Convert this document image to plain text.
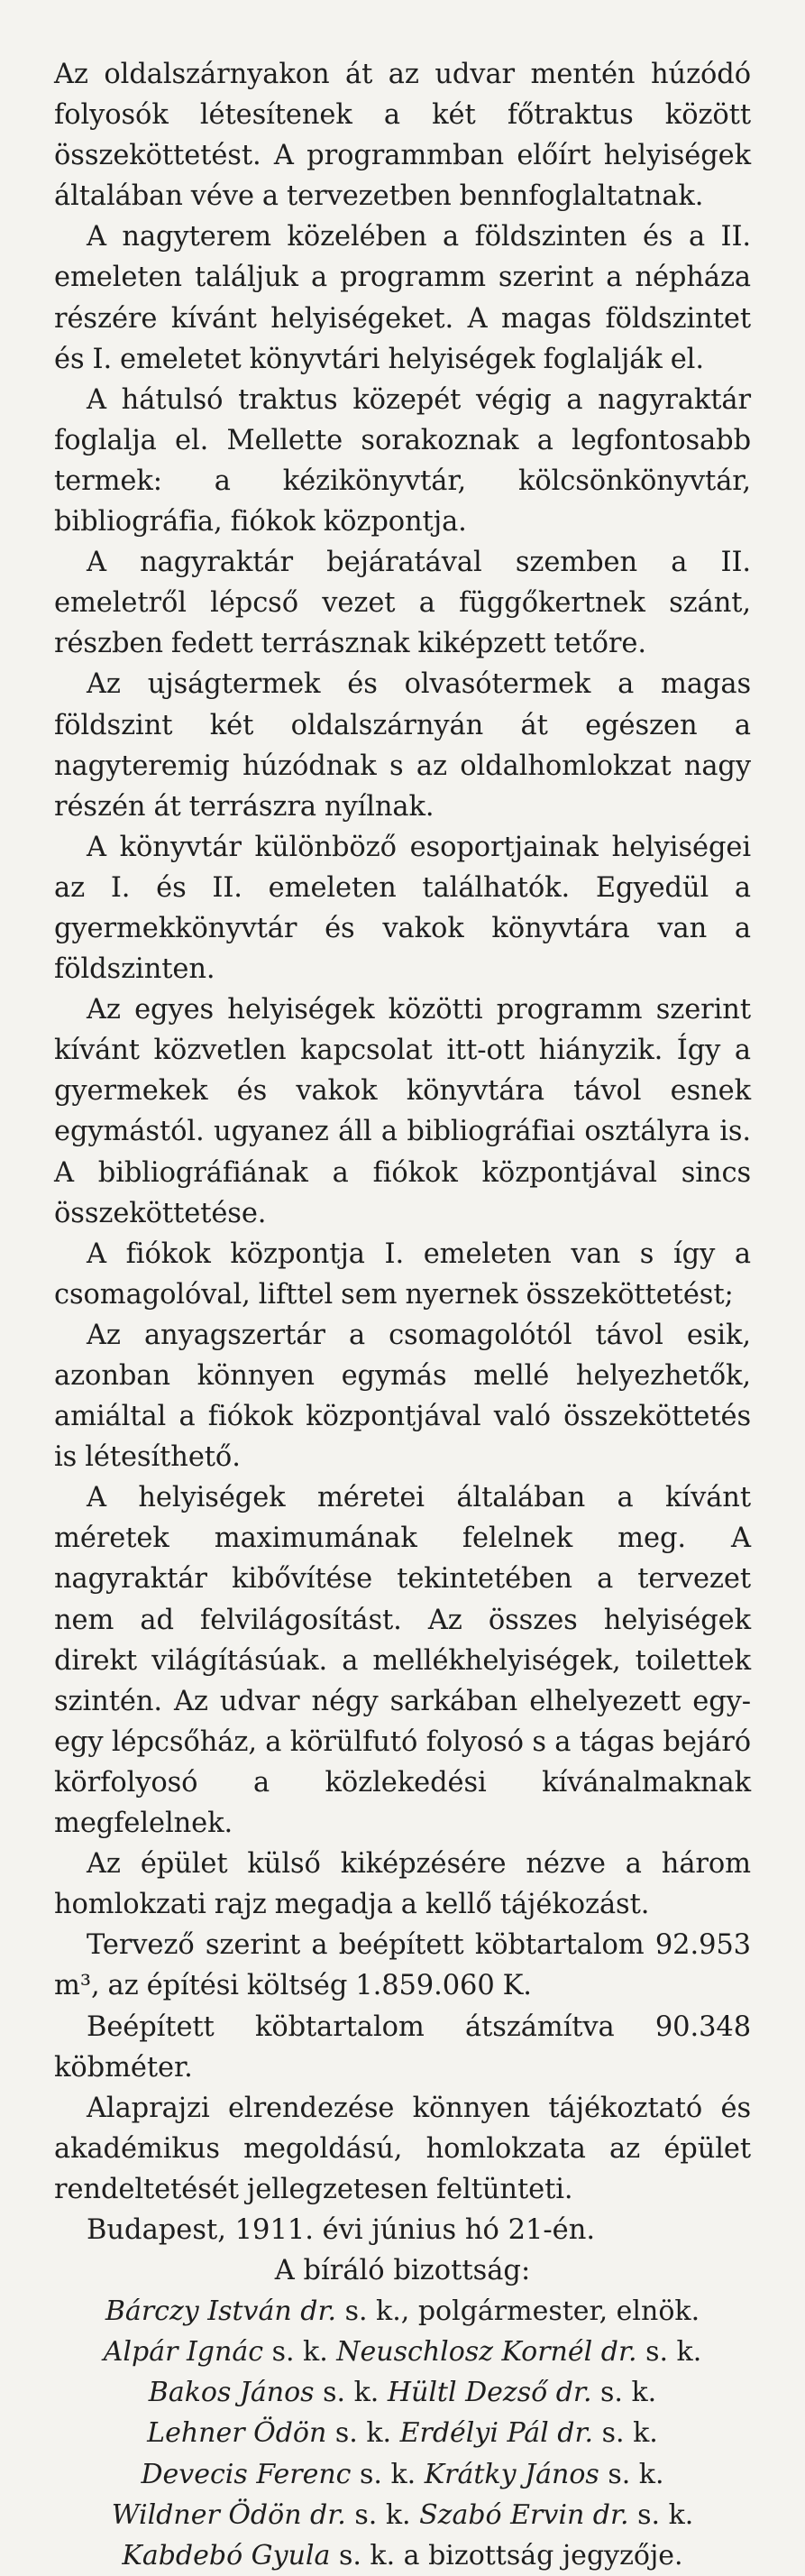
Az oldalszárnyakon át az udvar mentén húzódó folyosók létesítenek a két főtraktus között összeköttetést. A programmban előírt helyiségek általában véve a tervezetben bennfoglaltatnak.

A nagyterem közelében a földszinten és a II. emeleten találjuk a programm szerint a népháza részére kívánt helyiségeket. A magas földszintet és I. emeletet könyvtári helyiségek foglalják el.

A hátulsó traktus közepét végig a nagyraktár foglalja el. Mellette sorakoznak a legfontosabb termek: a kézikönyvtár, kölcsönkönyvtár, bibliográfia, fiókok központja.

A nagyraktár bejáratával szemben a II. emeletről lépcső vezet a függőkertnek szánt, részben fedett terrásznak kiképzett tetőre.

Az ujságtermek és olvasótermek a magas földszint két oldalszárnyán át egészen a nagyteremig húzódnak s az oldalhomlokzat nagy részén át terrászra nyílnak.

A könyvtár különböző esoportjainak helyiségei az I. és II. emeleten találhatók. Egyedül a gyermekkönyvtár és vakok könyvtára van a földszinten.

Az egyes helyiségek közötti programm szerint kívánt közvetlen kapcsolat itt-ott hiányzik. Így a gyermekek és vakok könyvtára távol esnek egymástól. ugyanez áll a bibliográfiai osztályra is. A bibliográfiának a fiókok központjával sincs összeköttetése.

A fiókok központja I. emeleten van s így a csomagolóval, lifttel sem nyernek összeköttetést;

Az anyagszertár a csomagolótól távol esik, azonban könnyen egymás mellé helyezhetők, amiáltal a fiókok központjával való összeköttetés is létesíthető.

A helyiségek méretei általában a kívánt méretek maximumának felelnek meg. A nagyraktár kibővítése tekintetében a tervezet nem ad felvilágosítást. Az összes helyiségek direkt világításúak. a mellékhelyiségek, toilettek szintén. Az udvar négy sarkában elhelyezett egy-egy lépcsőház, a körülfutó folyosó s a tágas bejáró körfolyosó a közlekedési kívánalmaknak megfelelnek.

Az épület külső kiképzésére nézve a három homlokzati rajz megadja a kellő tájékozást.

Tervező szerint a beépített köbtartalom 92.953 m³, az építési költség 1.859.060 K.

Beépített köbtartalom átszámítva 90.348 köbméter.

Alaprajzi elrendezése könnyen tájékoztató és akadémikus megoldású, homlokzata az épület rendeltetését jellegzetesen feltünteti.

Budapest, 1911. évi június hó 21-én.

A bíráló bizottság:

Bárczy István dr. s. k., polgármester, elnök.

Alpár Ignác s. k. Neuschlosz Kornél dr. s. k.

Bakos János s. k. Hültl Dezső dr. s. k.

Lehner Ödön s. k. Erdélyi Pál dr. s. k.

Devecis Ferenc s. k. Krátky János s. k.

Wildner Ödön dr. s. k. Szabó Ervin dr. s. k.

Kabdebó Gyula s. k. a bizottság jegyzője.
